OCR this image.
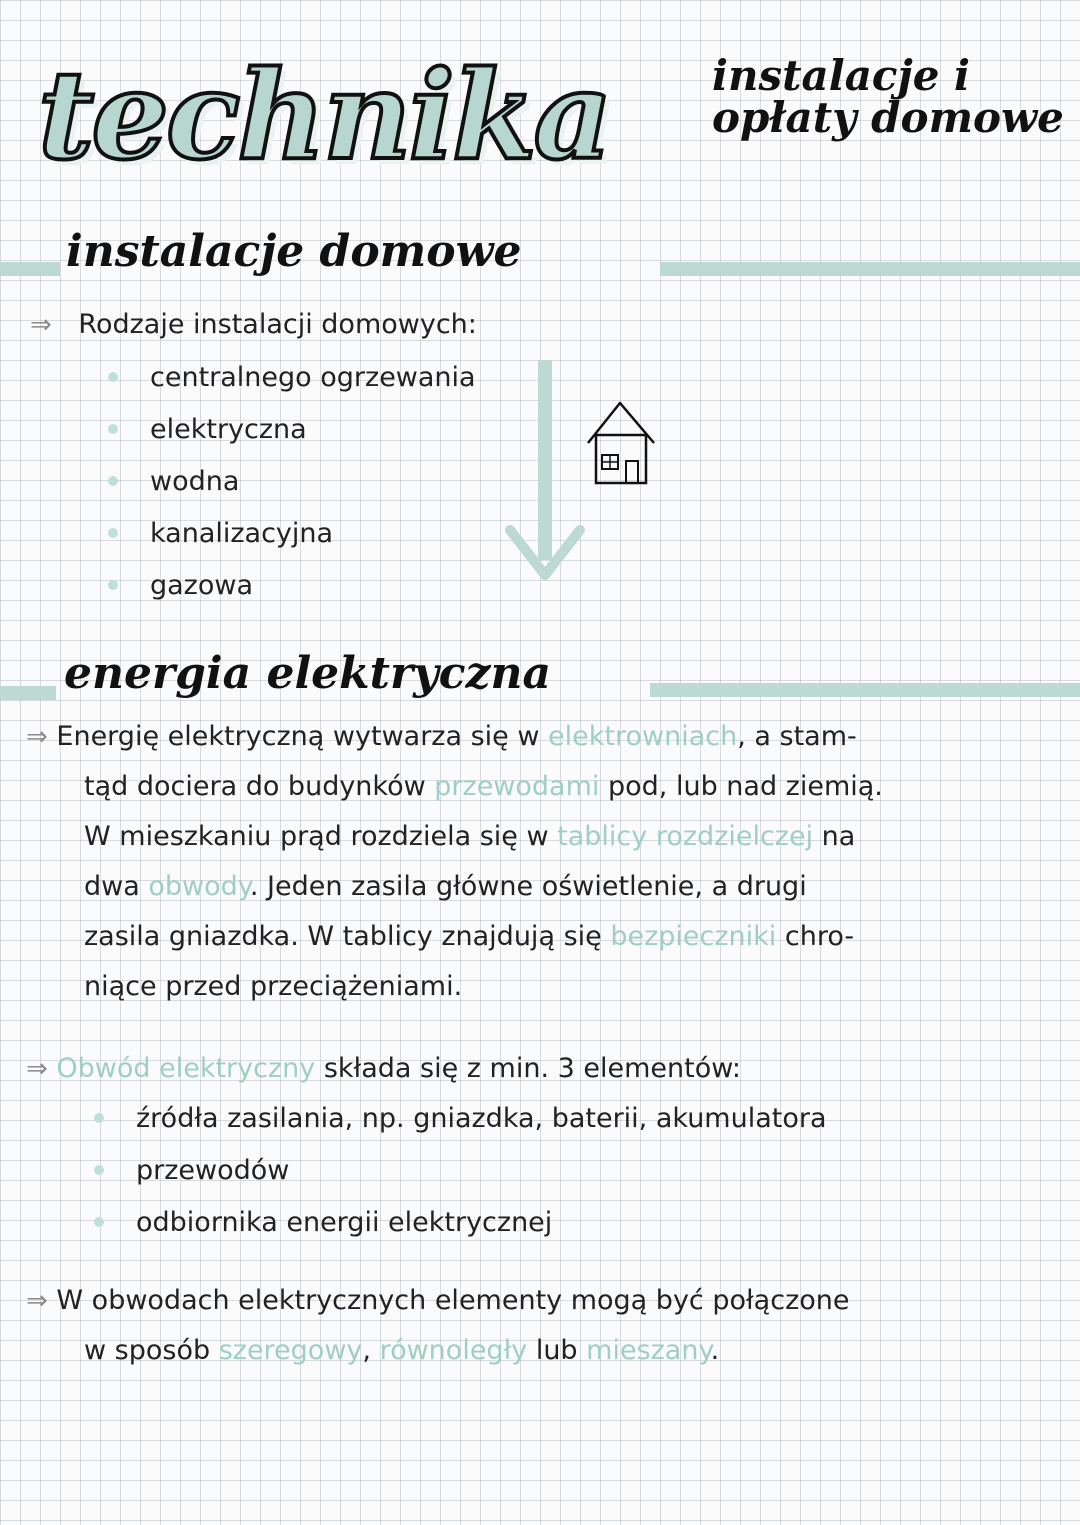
technika	instalacje i
opłaty domowe
instalacje domowe
⇒ Rodzaje instalacji domowych:
centralnego ogrzewania
elektryczna
wodna
kanalizacyjna
gazowa
energia elektryczna
⇒ Energię elektryczną wytwarza się w elektrowniach, a stam-
tąd dociera do budynków przewodami pod, lub nad ziemią.
W mieszkaniu prąd rozdziela się w tablicy rozdzielczej na
dwa obwody. Jeden zasila główne oświetlenie, a drugi
zasila gniazdka. W tablicy znajdują się bezpieczniki chro-
niące przed przeciążeniami.
⇒ Obwód elektryczny składa się z min. 3 elementów:
źródła zasilania, np. gniazdka, baterii, akumulatora
przewodów
odbiornika energii elektrycznej
⇒ W obwodach elektrycznych elementy mogą być połączone
w sposób szeregowy, równoległy lub mieszany.
